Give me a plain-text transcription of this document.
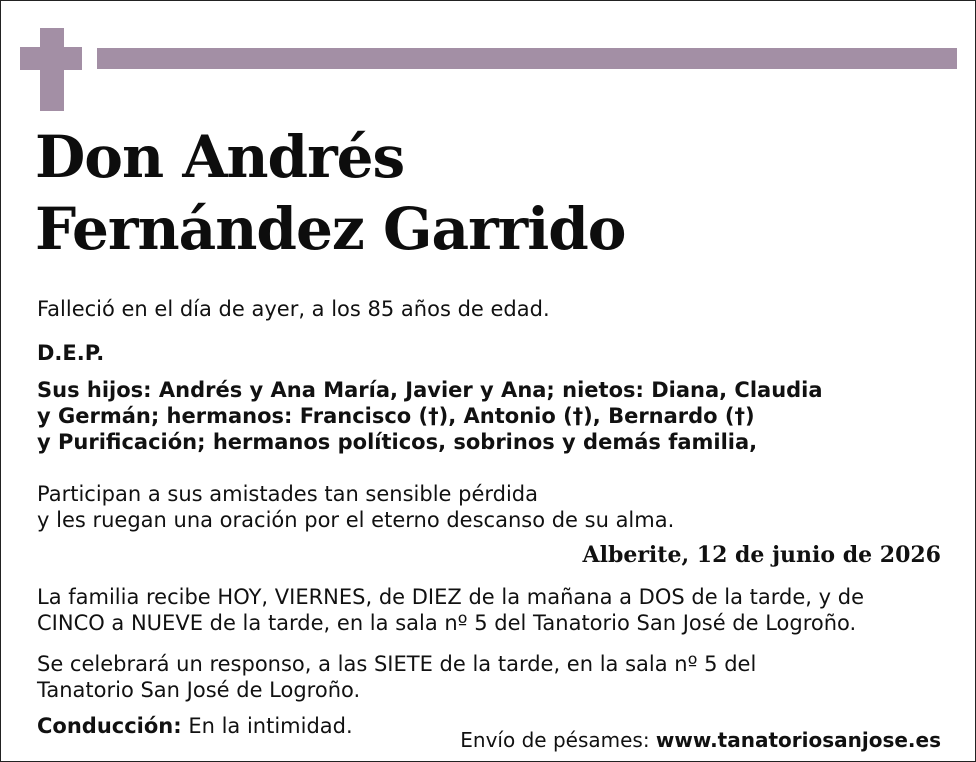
Don Andrés
Fernández Garrido

Falleció en el día de ayer, a los 85 años de edad.

D.E.P.

Sus hijos: Andrés y Ana María, Javier y Ana; nietos: Diana, Claudia
y Germán; hermanos: Francisco (†), Antonio (†), Bernardo (†)
y Purificación; hermanos políticos, sobrinos y demás familia,

Participan a sus amistades tan sensible pérdida
y les ruegan una oración por el eterno descanso de su alma.

Alberite, 12 de junio de 2026

La familia recibe HOY, VIERNES, de DIEZ de la mañana a DOS de la tarde, y de
CINCO a NUEVE de la tarde, en la sala nº 5 del Tanatorio San José de Logroño.

Se celebrará un responso, a las SIETE de la tarde, en la sala nº 5 del
Tanatorio San José de Logroño.

Conducción: En la intimidad.

Envío de pésames: www.tanatoriosanjose.es
